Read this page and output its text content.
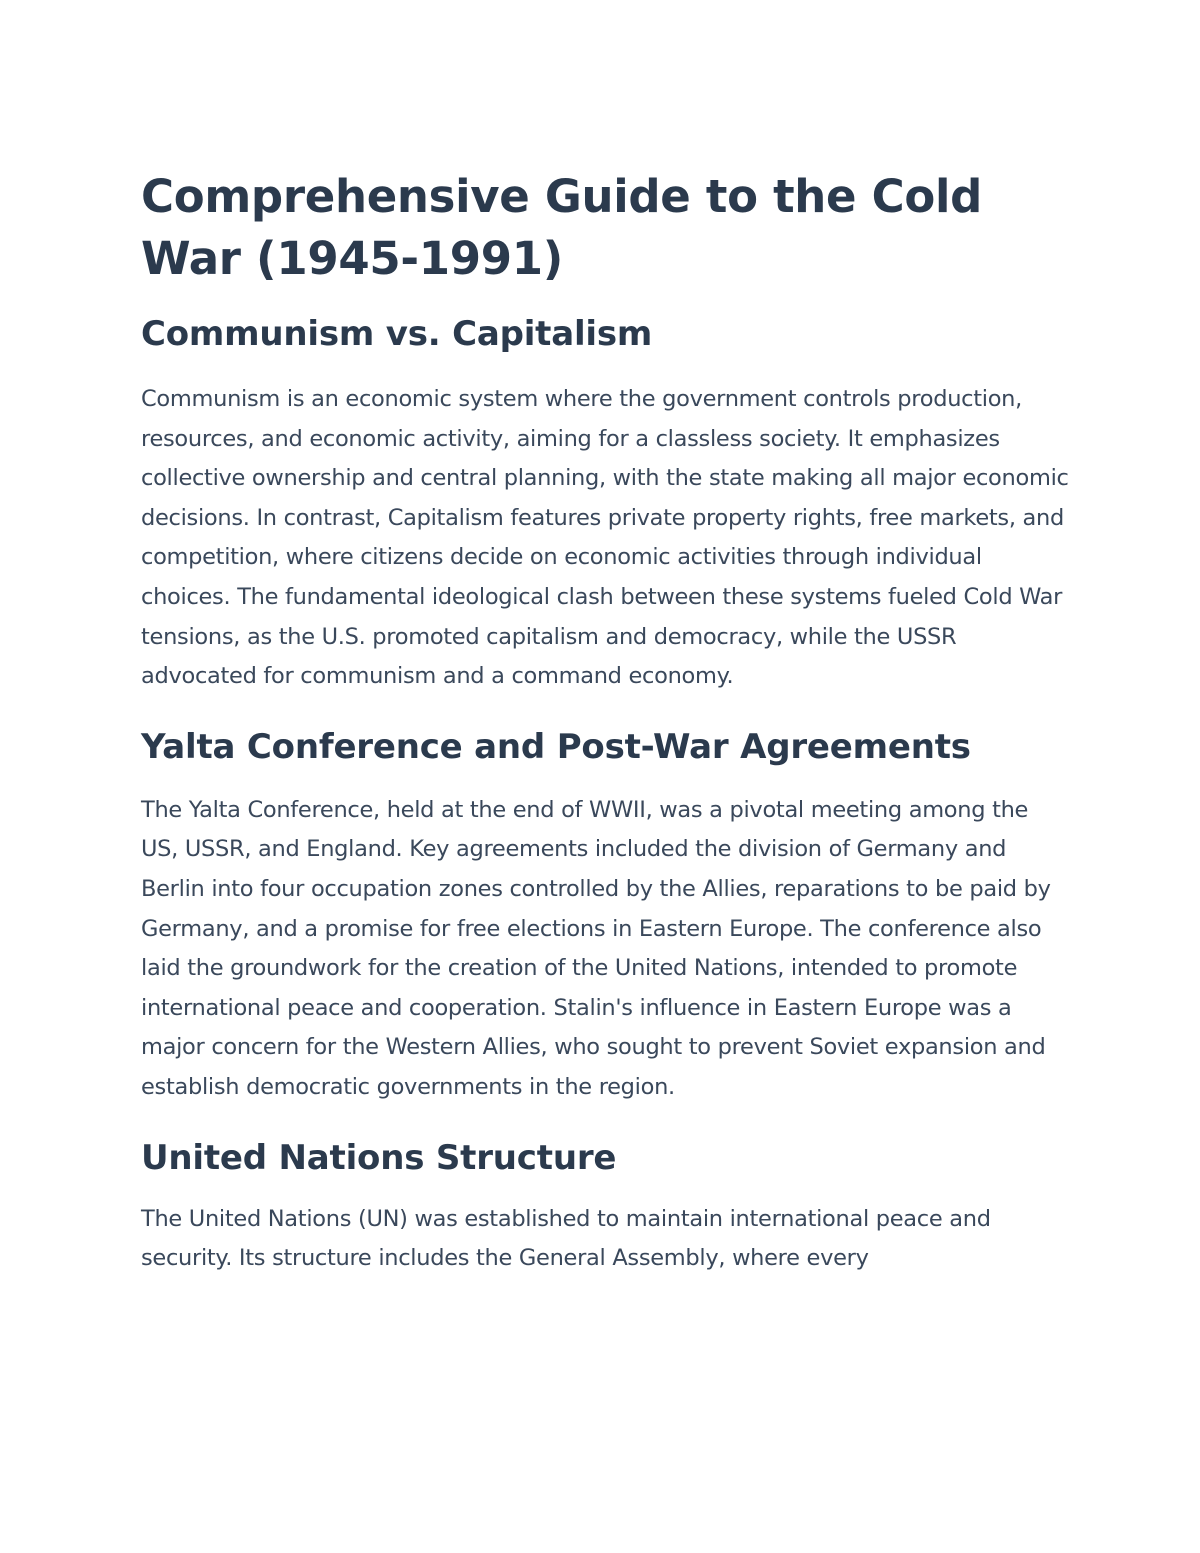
Comprehensive Guide to the Cold War (1945-1991)
Communism vs. Capitalism

Communism is an economic system where the government controls production, resources, and economic activity, aiming for a classless society. It emphasizes collective ownership and central planning, with the state making all major economic decisions. In contrast, Capitalism features private property rights, free markets, and competition, where citizens decide on economic activities through individual choices. The fundamental ideological clash between these systems fueled Cold War tensions, as the U.S. promoted capitalism and democracy, while the USSR advocated for communism and a command economy.

Yalta Conference and Post-War Agreements

The Yalta Conference, held at the end of WWII, was a pivotal meeting among the US, USSR, and England. Key agreements included the division of Germany and Berlin into four occupation zones controlled by the Allies, reparations to be paid by Germany, and a promise for free elections in Eastern Europe. The conference also laid the groundwork for the creation of the United Nations, intended to promote international peace and cooperation. Stalin's influence in Eastern Europe was a major concern for the Western Allies, who sought to prevent Soviet expansion and establish democratic governments in the region.

United Nations Structure

The United Nations (UN) was established to maintain international peace and security. Its structure includes the General Assembly, where every
